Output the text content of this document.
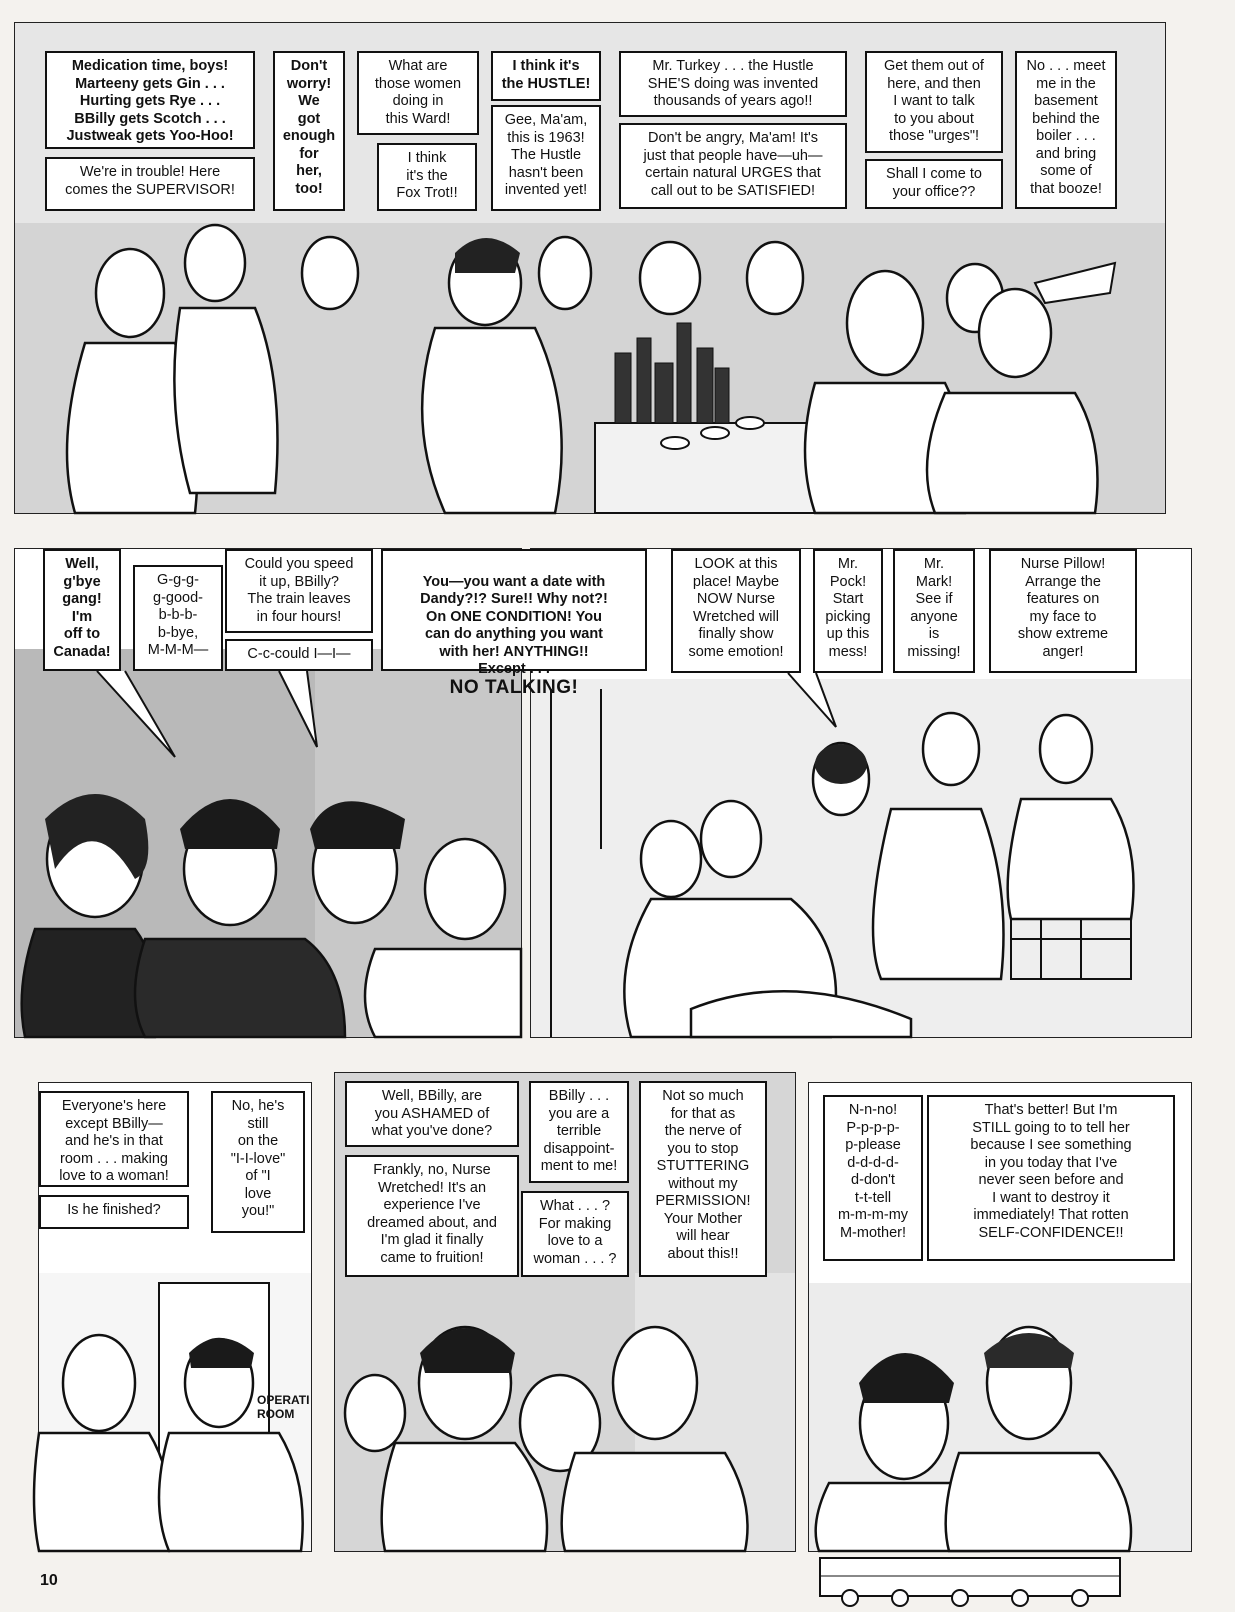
Medication time, boys!
Marteeny gets Gin . . .
Hurting gets Rye . . .
BBilly gets Scotch . . .
Justweak gets Yoo-Hoo!
We're in trouble! Here
comes the SUPERVISOR!
Don't
worry!
We
got
enough
for
her,
too!
What are
those women
doing in
this Ward!
I think
it's the
Fox Trot!!
I think it's
the HUSTLE!
Gee, Ma'am,
this is 1963!
The Hustle
hasn't been
invented yet!
Mr. Turkey . . . the Hustle
SHE'S doing was invented
thousands of years ago!!
Don't be angry, Ma'am! It's
just that people have—uh—
certain natural URGES that
call out to be SATISFIED!
Get them out of
here, and then
I want to talk
to you about
those "urges"!
Shall I come to
your office??
No . . . meet
me in the
basement
behind the
boiler . . .
and bring
some of
that booze!
Well,
g'bye
gang!
I'm
off to
Canada!
G-g-g-
g-good-
b-b-b-
b-bye,
M-M-M—
Could you speed
it up, BBilly?
The train leaves
in four hours!
C-c-could I—I—

You—you want a date with
Dandy?!? Sure!! Why not?!
On ONE CONDITION! You
can do anything you want
with her! ANYTHING!!
Except . . .
NO TALKING!

LOOK at this
place! Maybe
NOW Nurse
Wretched will
finally show
some emotion!
Mr.
Pock!
Start
picking
up this
mess!
Mr.
Mark!
See if
anyone
is
missing!
Nurse Pillow!
Arrange the
features on
my face to
show extreme
anger!
OPERATI
ROOM
Everyone's here
except BBilly—
and he's in that
room . . . making
love to a woman!
No, he's
still
on the
"I-I-love"
of "I
love
you!"
Is he finished?
Well, BBilly, are
you ASHAMED of
what you've done?
Frankly, no, Nurse
Wretched! It's an
experience I've
dreamed about, and
I'm glad it finally
came to fruition!
BBilly . . .
you are a
terrible
disappoint-
ment to me!
What . . . ?
For making
love to a
woman . . . ?
Not so much
for that as
the nerve of
you to stop
STUTTERING
without my
PERMISSION!
Your Mother
will hear
about this!!
N-n-no!
P-p-p-p-
p-please
d-d-d-d-
d-don't
t-t-tell
m-m-m-my
M-mother!
That's better! But I'm
STILL going to to tell her
because I see something
in you today that I've
never seen before and
I want to destroy it
immediately! That rotten
SELF-CONFIDENCE!!
10
